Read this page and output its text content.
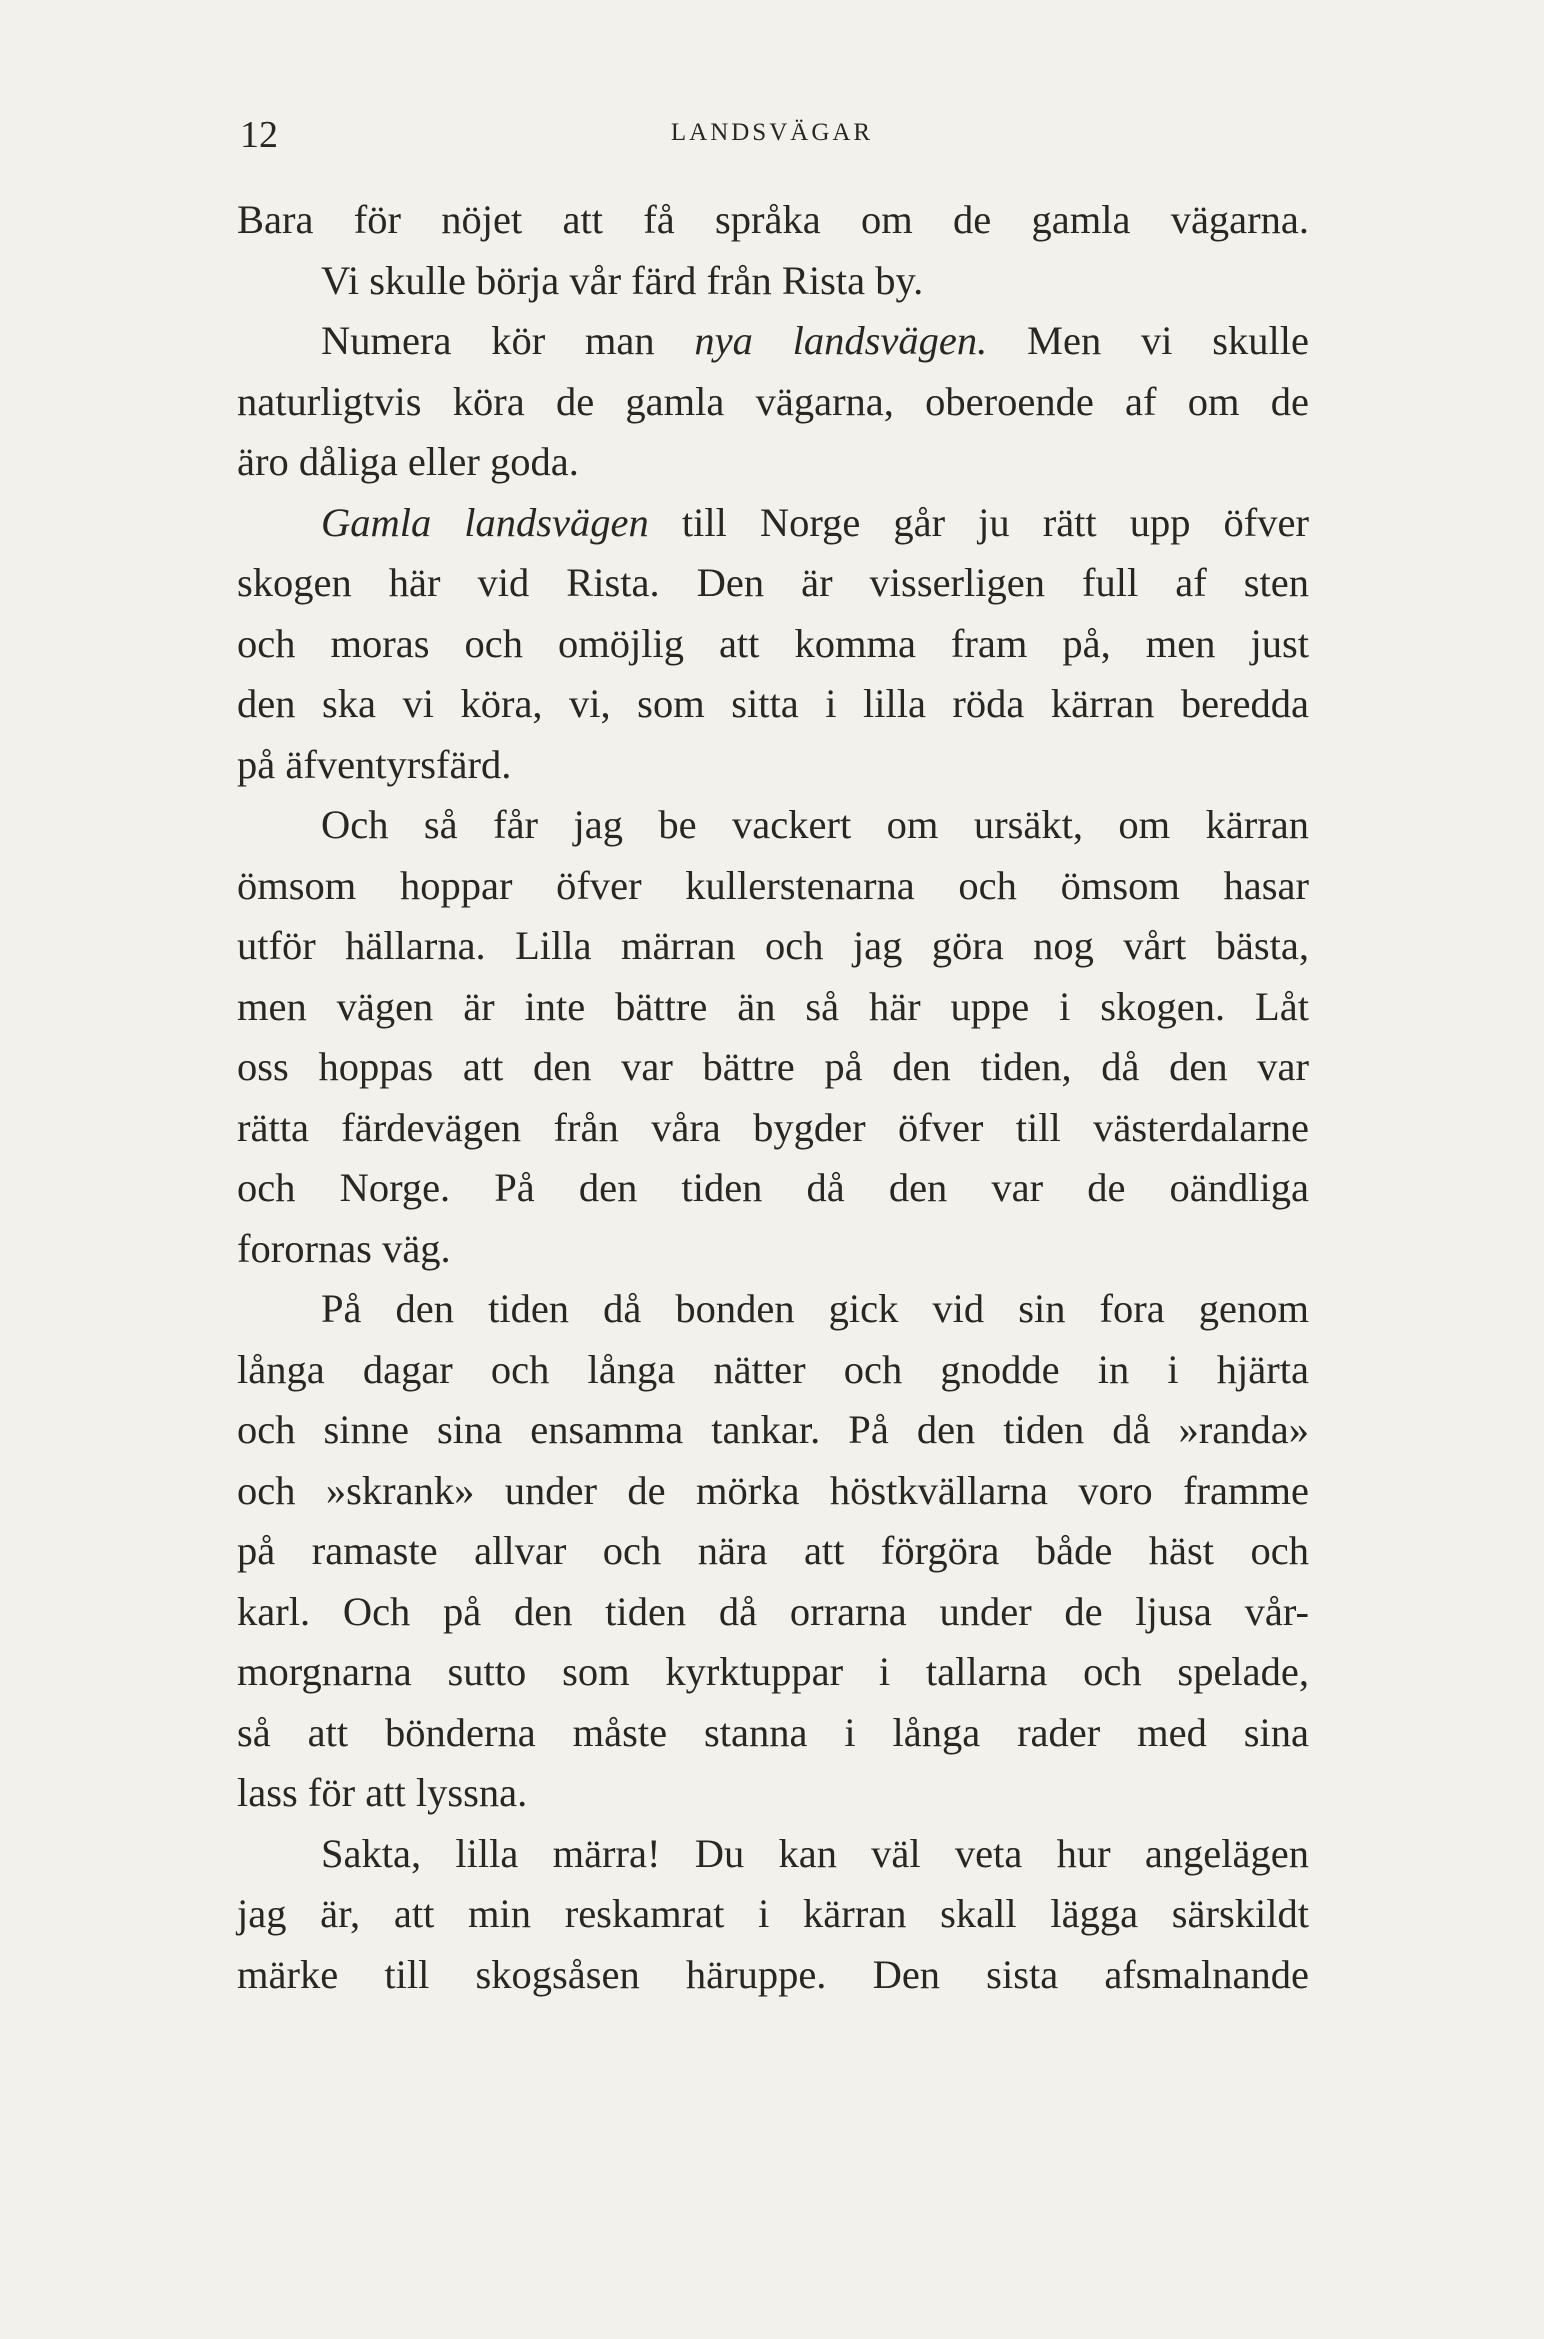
12	LANDSVÄGAR
Bara för nöjet att få språka om de gamla vägarna.
Vi skulle börja vår färd från Rista by.
Numera kör man nya landsvägen. Men vi skulle
naturligtvis köra de gamla vägarna, oberoende af om de
äro dåliga eller goda.
Gamla landsvägen till Norge går ju rätt upp öfver
skogen här vid Rista. Den är visserligen full af sten
och moras och omöjlig att komma fram på, men just
den ska vi köra, vi, som sitta i lilla röda kärran beredda
på äfventyrsfärd.
Och så får jag be vackert om ursäkt, om kärran
ömsom hoppar öfver kullerstenarna och ömsom hasar
utför hällarna. Lilla märran och jag göra nog vårt bästa,
men vägen är inte bättre än så här uppe i skogen. Låt
oss hoppas att den var bättre på den tiden, då den var
rätta färdevägen från våra bygder öfver till västerdalarne
och Norge. På den tiden då den var de oändliga
forornas väg.
På den tiden då bonden gick vid sin fora genom
långa dagar och långa nätter och gnodde in i hjärta
och sinne sina ensamma tankar. På den tiden då »randa»
och »skrank» under de mörka höstkvällarna voro framme
på ramaste allvar och nära att förgöra både häst och
karl. Och på den tiden då orrarna under de ljusa vår-
morgnarna sutto som kyrktuppar i tallarna och spelade,
så att bönderna måste stanna i långa rader med sina
lass för att lyssna.
Sakta, lilla märra! Du kan väl veta hur angelägen
jag är, att min reskamrat i kärran skall lägga särskildt
märke till skogsåsen häruppe. Den sista afsmalnande
